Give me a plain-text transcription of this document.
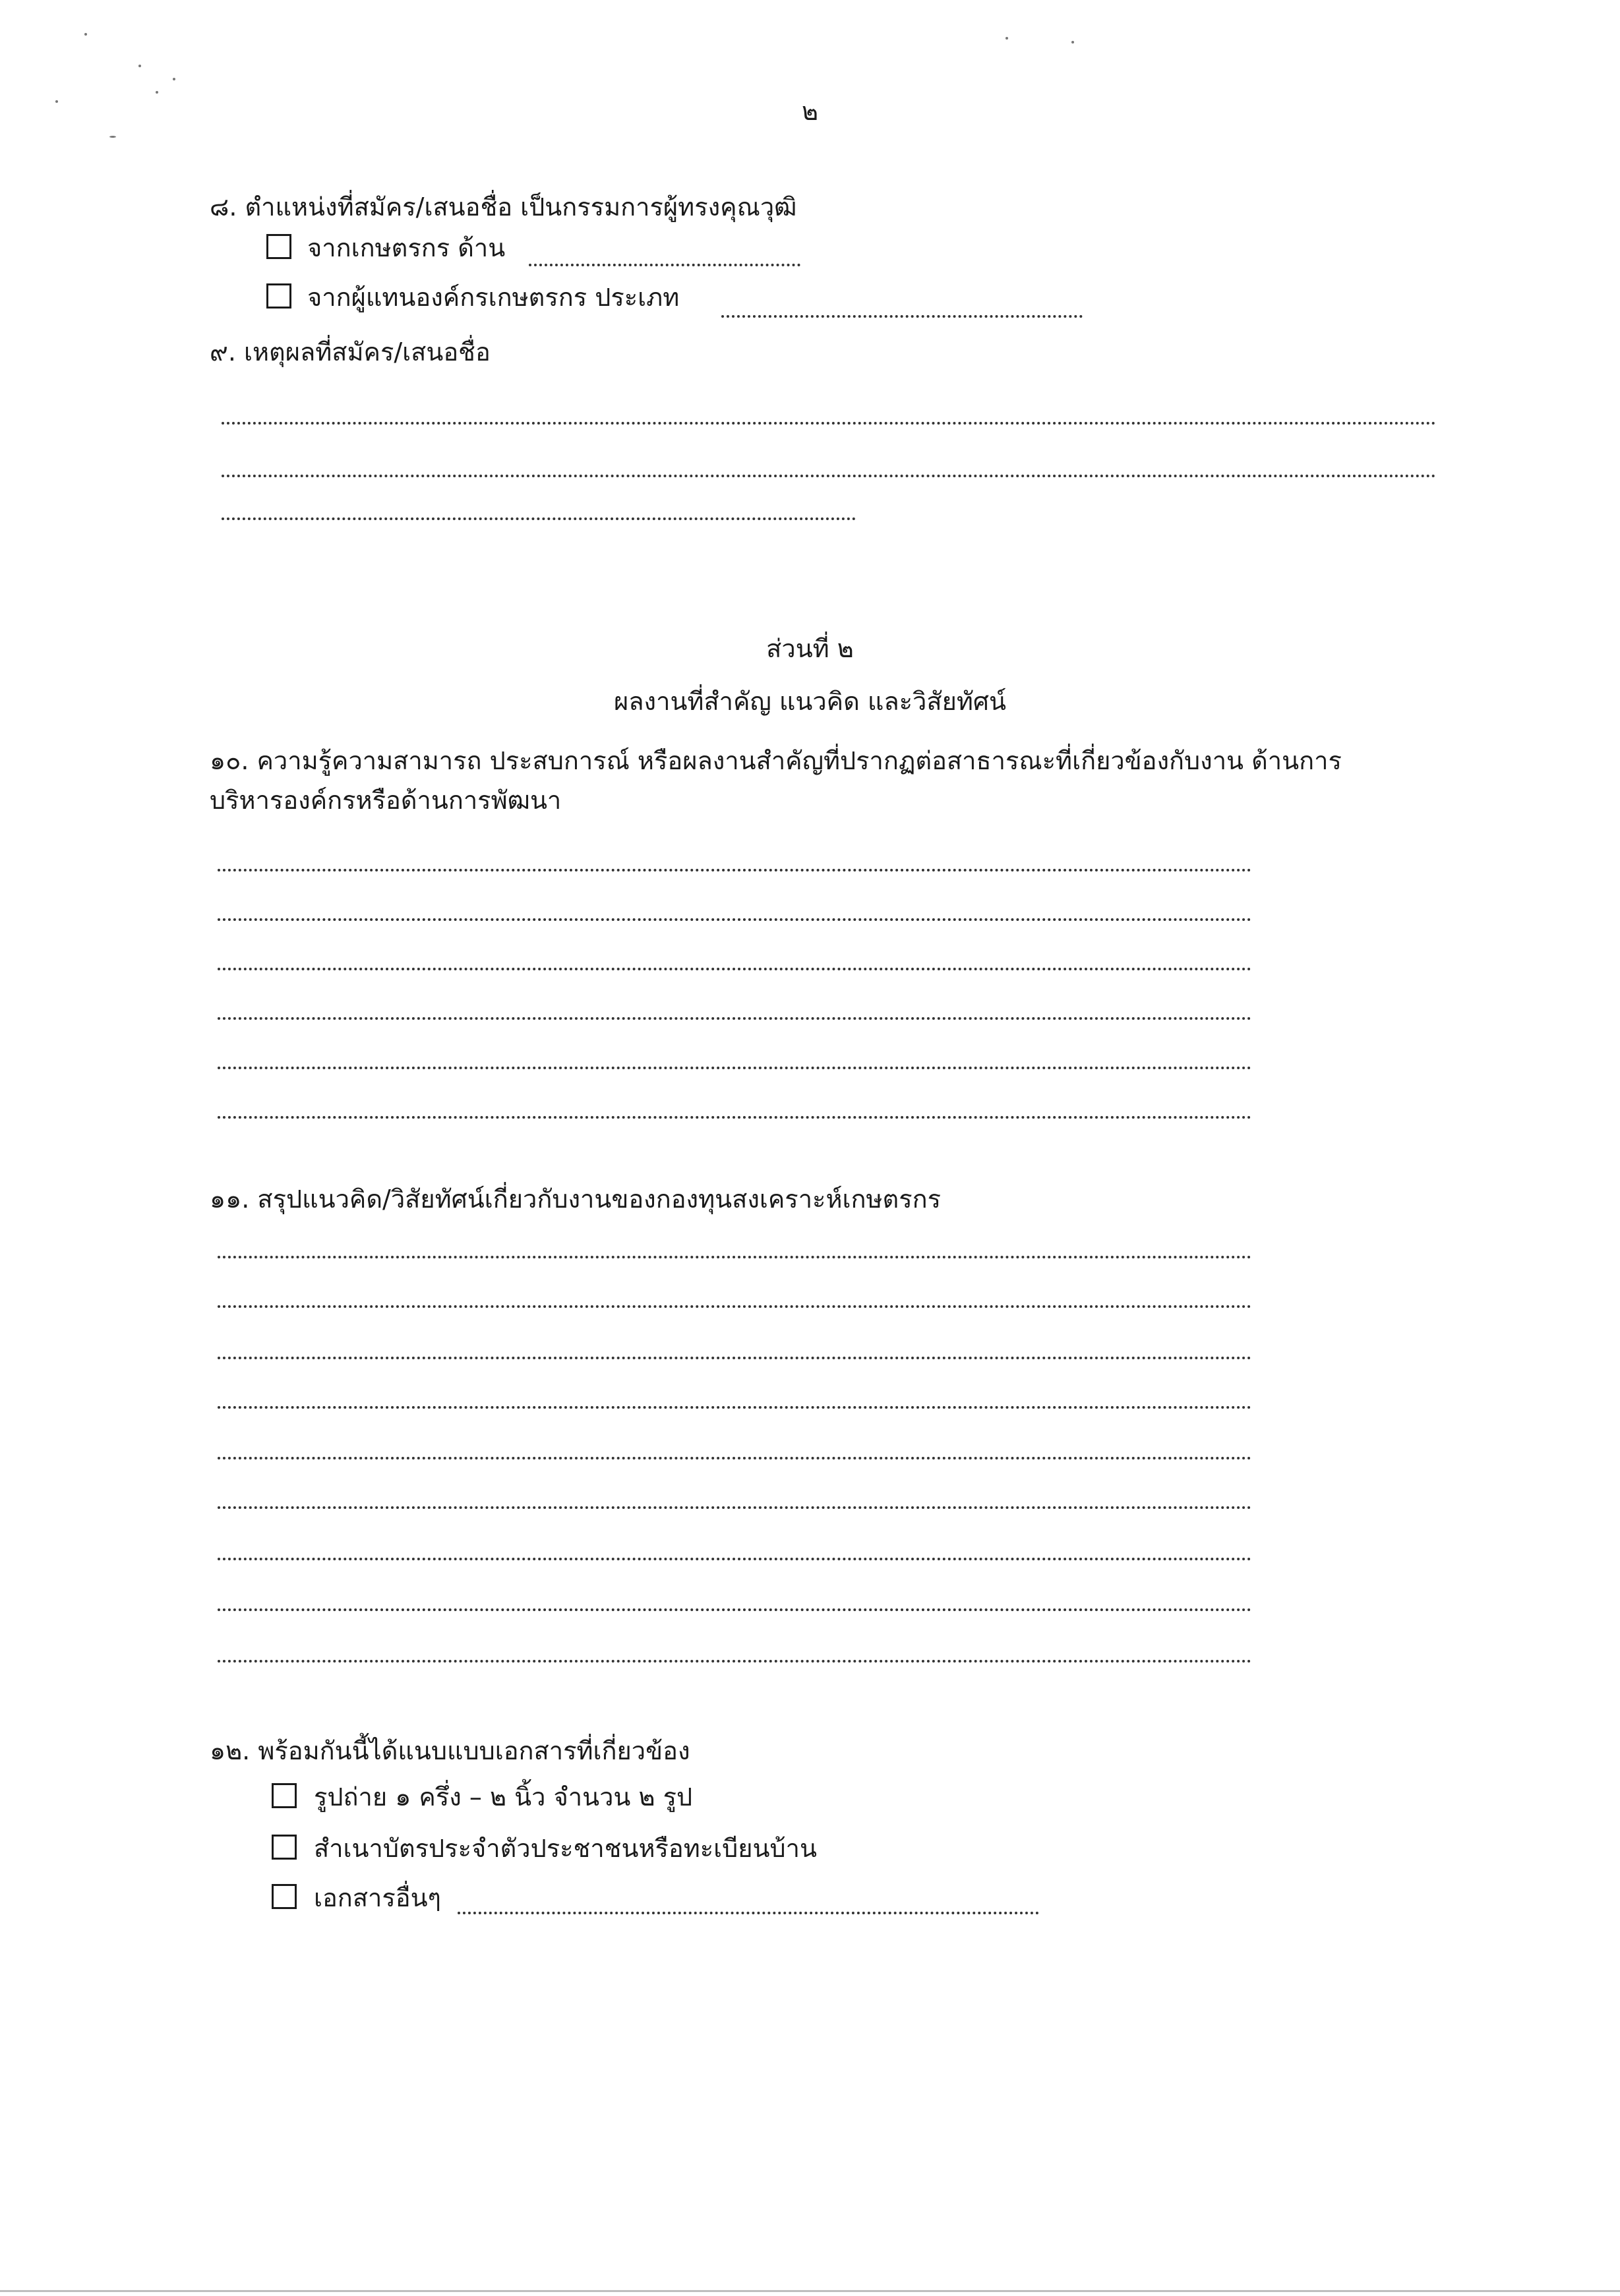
๒
๘. ตำแหน่งที่สมัคร/เสนอชื่อ เป็นกรรมการผู้ทรงคุณวุฒิ
จากเกษตรกร ด้าน
จากผู้แทนองค์กรเกษตรกร ประเภท
๙. เหตุผลที่สมัคร/เสนอชื่อ
ส่วนที่ ๒
ผลงานที่สำคัญ แนวคิด และวิสัยทัศน์
๑๐. ความรู้ความสามารถ ประสบการณ์ หรือผลงานสำคัญที่ปรากฏต่อสาธารณะที่เกี่ยวข้องกับงาน ด้านการ
บริหารองค์กรหรือด้านการพัฒนา
๑๑. สรุปแนวคิด/วิสัยทัศน์เกี่ยวกับงานของกองทุนสงเคราะห์เกษตรกร
๑๒. พร้อมกันนี้ได้แนบแบบเอกสารที่เกี่ยวข้อง
รูปถ่าย ๑ ครึ่ง – ๒ นิ้ว จำนวน ๒ รูป
สำเนาบัตรประจำตัวประชาชนหรือทะเบียนบ้าน
เอกสารอื่นๆ
